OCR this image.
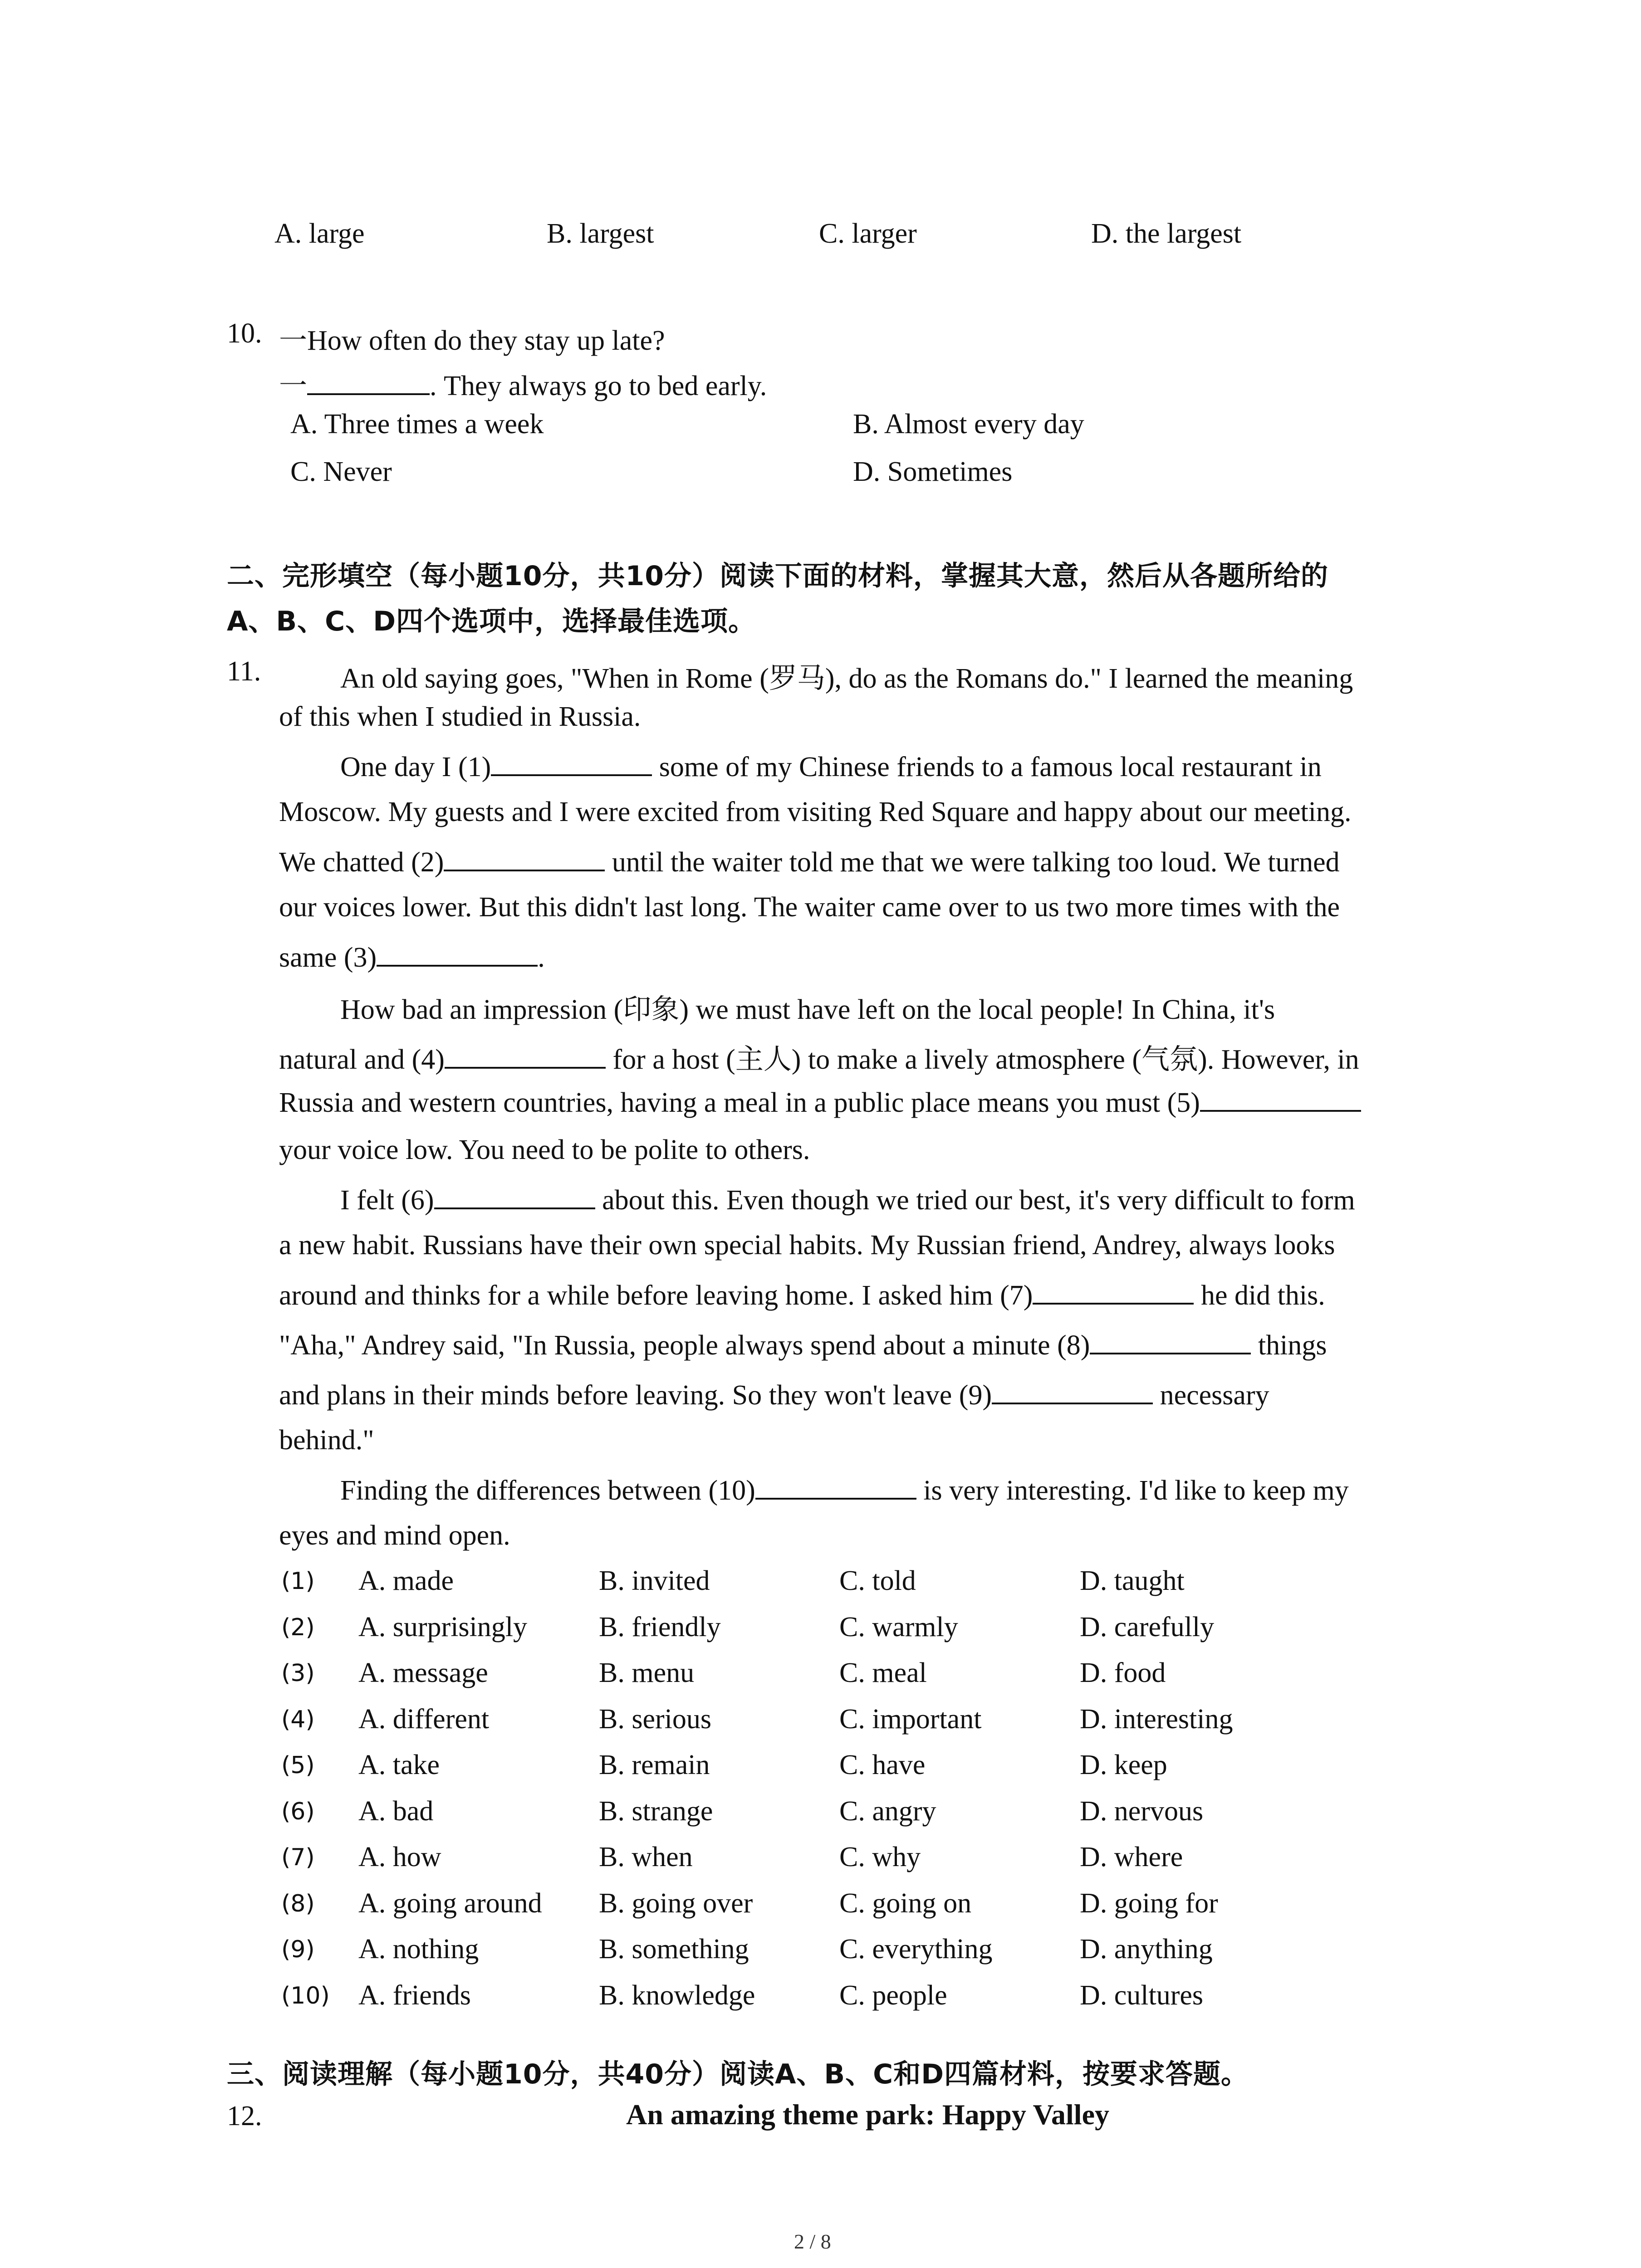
A. large	B. largest	C. larger	D. the largest
10. 一How often do they stay up late?
一	. They always go to bed early.
A. Three times a week	B. Almost every day
C. Never	D. Sometimes
二、完形填空（每小题10分，共10分）阅读下面的材料，掌握其大意，然后从各题所给的
A、B、C、D四个选项中，选择最佳选项。
11.	An old saying goes, "When in Rome (罗马), do as the Romans do." I learned the meaning
of this when I studied in Russia.
One day I (1)	some of my Chinese friends to a famous local restaurant in
Moscow. My guests and I were excited from visiting Red Square and happy about our meeting.
We chatted (2)	until the waiter told me that we were talking too loud. We turned
our voices lower. But this didn't last long. The waiter came over to us two more times with the
same (3)	.
How bad an impression (印象) we must have left on the local people! In China, it's
natural and (4)	for a host (主人) to make a lively atmosphere (气氛). However, in
Russia and western countries, having a meal in a public place means you must (5)
your voice low. You need to be polite to others.
I felt (6)	about this. Even though we tried our best, it's very difficult to form
a new habit. Russians have their own special habits. My Russian friend, Andrey, always looks
around and thinks for a while before leaving home. I asked him (7)	he did this.
"Aha," Andrey said, "In Russia, people always spend about a minute (8)	things
and plans in their minds before leaving. So they won't leave (9)	necessary
behind."
Finding the differences between (10)	is very interesting. I'd like to keep my
eyes and mind open.
(1) A. made	B. invited	C. told	D. taught
(2) A. surprisingly	B. friendly	C. warmly	D. carefully
(3) A. message	B. menu	C. meal	D. food
(4) A. different	B. serious	C. important	D. interesting
(5) A. take	B. remain	C. have	D. keep
(6) A. bad	B. strange	C. angry	D. nervous
(7) A. how	B. when	C. why	D. where
(8) A. going around B. going over	C. going on	D. going for
(9) A. nothing	B. something	C. everything	D. anything
(10) A. friends	B. knowledge	C. people	D. cultures
三、阅读理解（每小题10分，共40分）阅读A、B、C和D四篇材料，按要求答题。
12.	An amazing theme park: Happy Valley
2 / 8
